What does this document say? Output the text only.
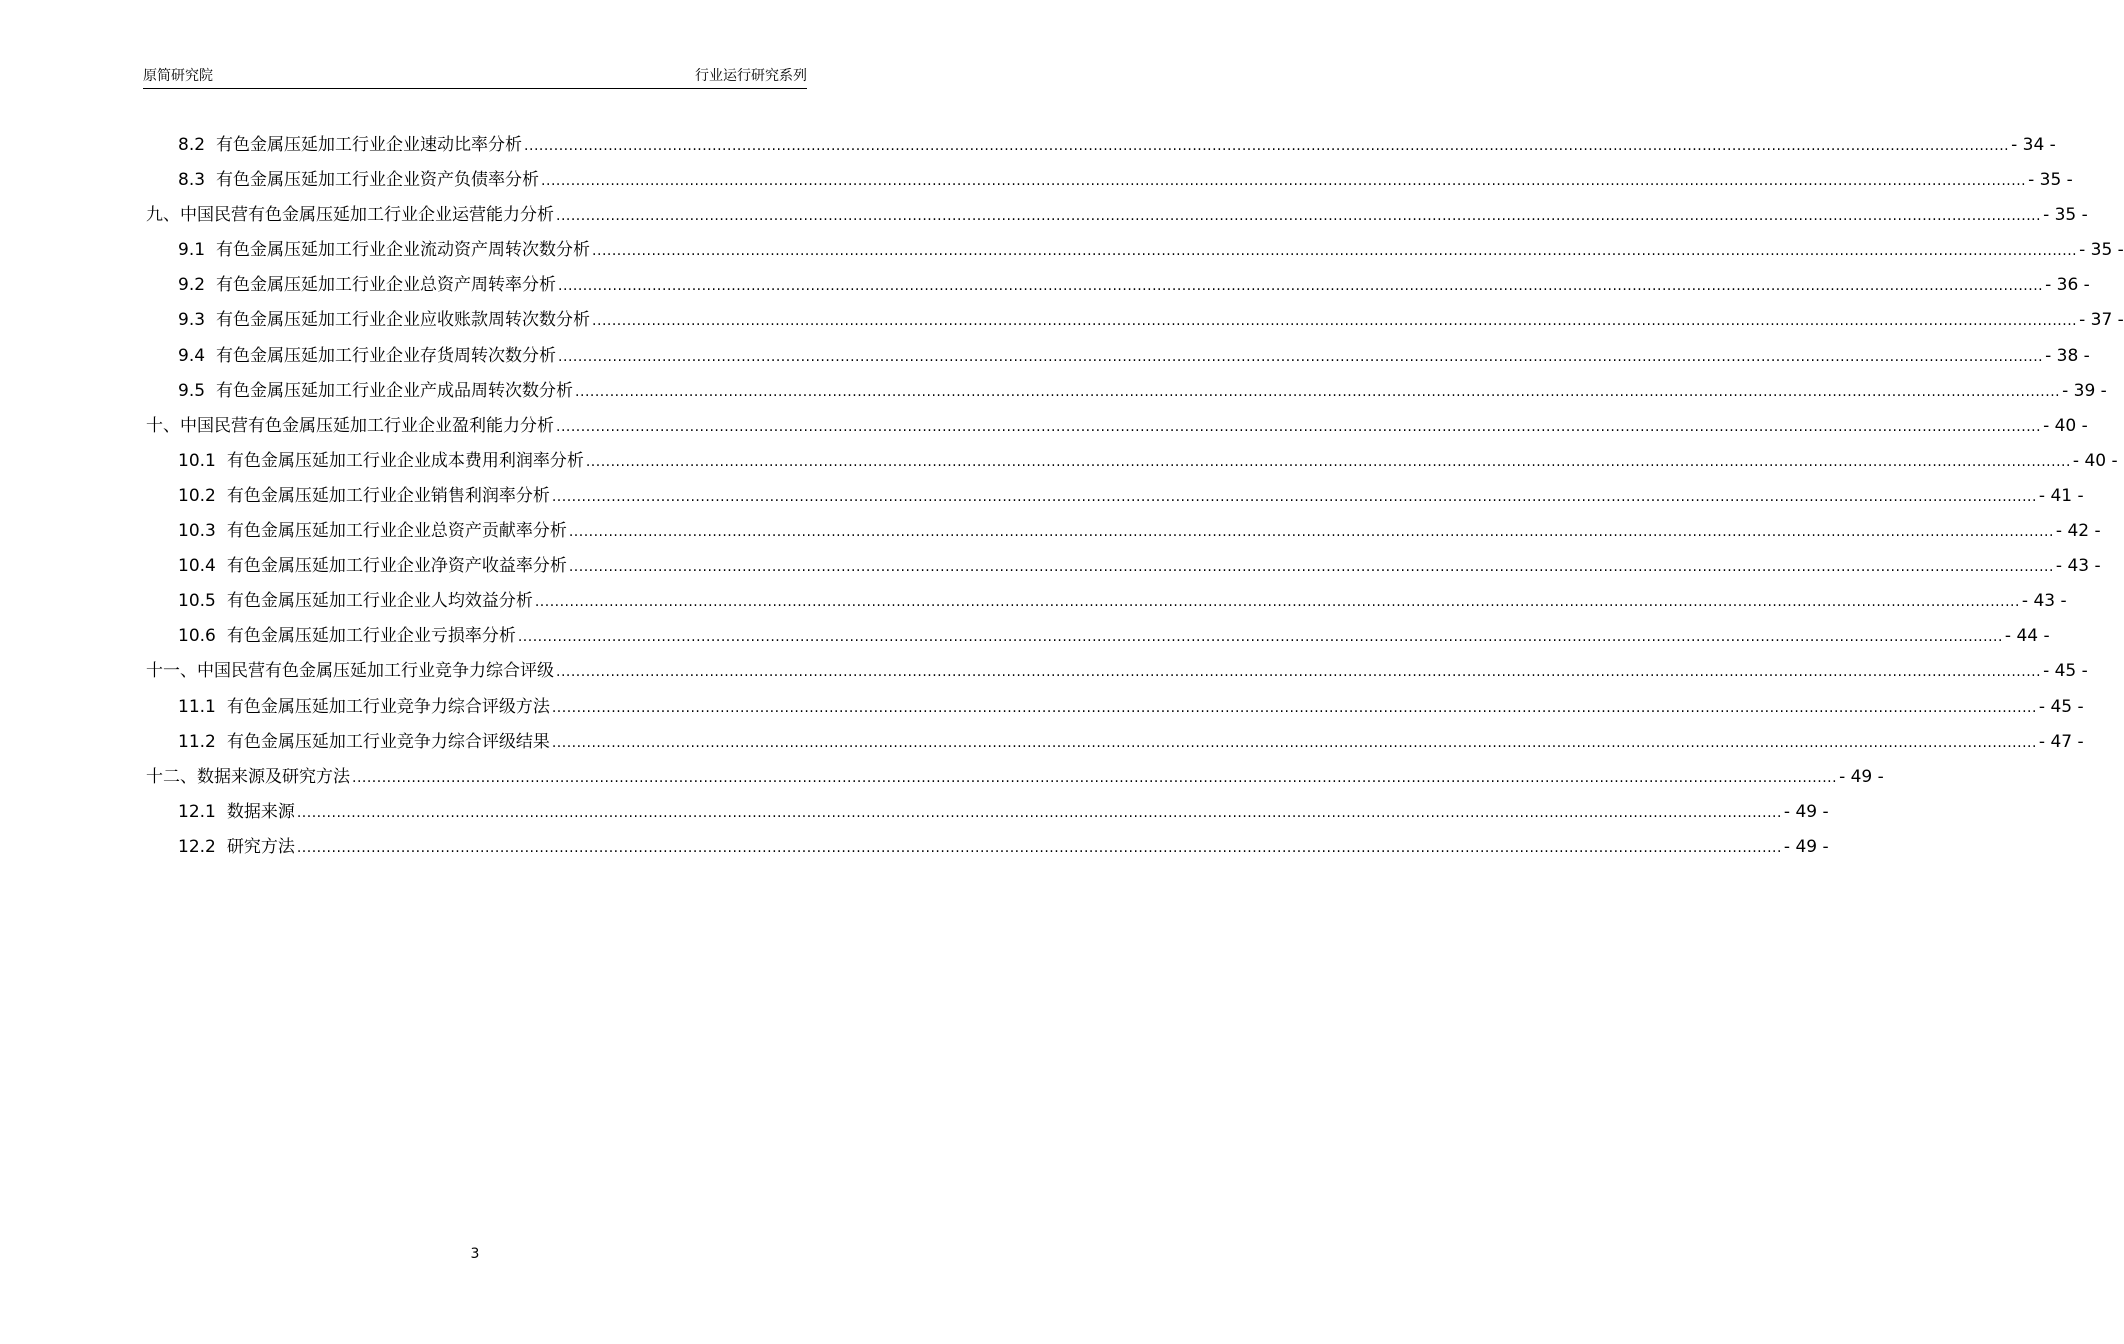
原简研究院	行业运行研究系列
8.2 有色金属压延加工行业企业速动比率分析 ............................................................................................................................................................................................................................................................................................................ - 34 -
8.3 有色金属压延加工行业企业资产负债率分析 ............................................................................................................................................................................................................................................................................................................ - 35 -
九、中国民营有色金属压延加工行业企业运营能力分析 ............................................................................................................................................................................................................................................................................................................ - 35 -
9.1 有色金属压延加工行业企业流动资产周转次数分析 ............................................................................................................................................................................................................................................................................................................ - 35 -
9.2 有色金属压延加工行业企业总资产周转率分析 ............................................................................................................................................................................................................................................................................................................ - 36 -
9.3 有色金属压延加工行业企业应收账款周转次数分析 ............................................................................................................................................................................................................................................................................................................ - 37 -
9.4 有色金属压延加工行业企业存货周转次数分析 ............................................................................................................................................................................................................................................................................................................ - 38 -
9.5 有色金属压延加工行业企业产成品周转次数分析 ............................................................................................................................................................................................................................................................................................................ - 39 -
十、中国民营有色金属压延加工行业企业盈利能力分析 ............................................................................................................................................................................................................................................................................................................ - 40 -
10.1 有色金属压延加工行业企业成本费用利润率分析 ............................................................................................................................................................................................................................................................................................................ - 40 -
10.2 有色金属压延加工行业企业销售利润率分析 ............................................................................................................................................................................................................................................................................................................ - 41 -
10.3 有色金属压延加工行业企业总资产贡献率分析 ............................................................................................................................................................................................................................................................................................................ - 42 -
10.4 有色金属压延加工行业企业净资产收益率分析 ............................................................................................................................................................................................................................................................................................................ - 43 -
10.5 有色金属压延加工行业企业人均效益分析 ............................................................................................................................................................................................................................................................................................................ - 43 -
10.6 有色金属压延加工行业企业亏损率分析 ............................................................................................................................................................................................................................................................................................................ - 44 -
十一、中国民营有色金属压延加工行业竞争力综合评级 ............................................................................................................................................................................................................................................................................................................ - 45 -
11.1 有色金属压延加工行业竞争力综合评级方法 ............................................................................................................................................................................................................................................................................................................ - 45 -
11.2 有色金属压延加工行业竞争力综合评级结果 ............................................................................................................................................................................................................................................................................................................ - 47 -
十二、数据来源及研究方法 ............................................................................................................................................................................................................................................................................................................ - 49 -
12.1 数据来源 ............................................................................................................................................................................................................................................................................................................ - 49 -
12.2 研究方法 ............................................................................................................................................................................................................................................................................................................ - 49 -
3
